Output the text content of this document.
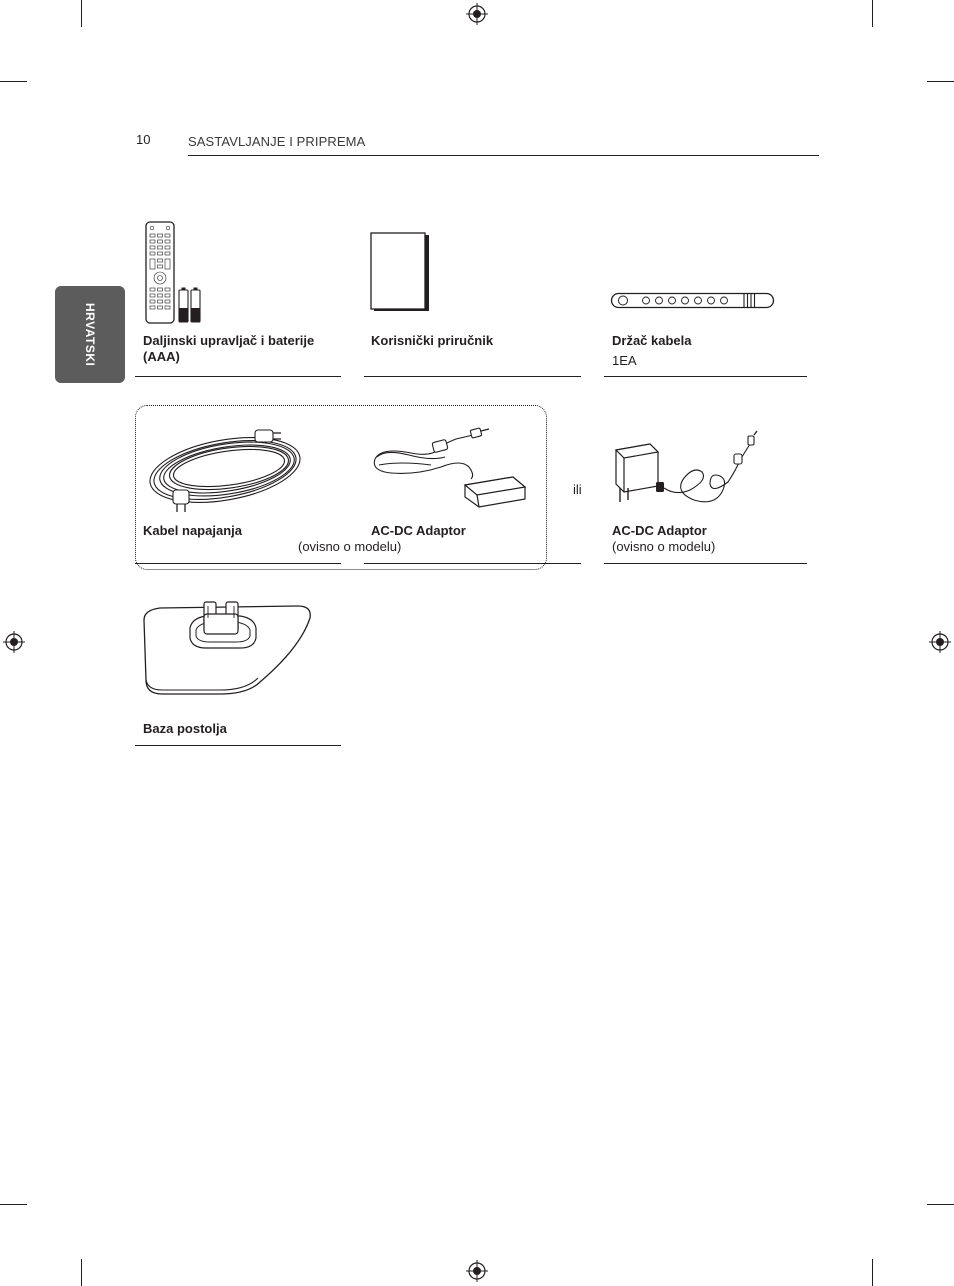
10	SASTAVLJANJE I PRIPREMA
HRVATSKI	Daljinski upravljač i baterije (AAA)
Korisnički priručnik	Držač kabela
1EA
Kabel napajanja	AC-DC Adaptor
(ovisno o modelu)
ili
AC-DC Adaptor
(ovisno o modelu)
Baza postolja
